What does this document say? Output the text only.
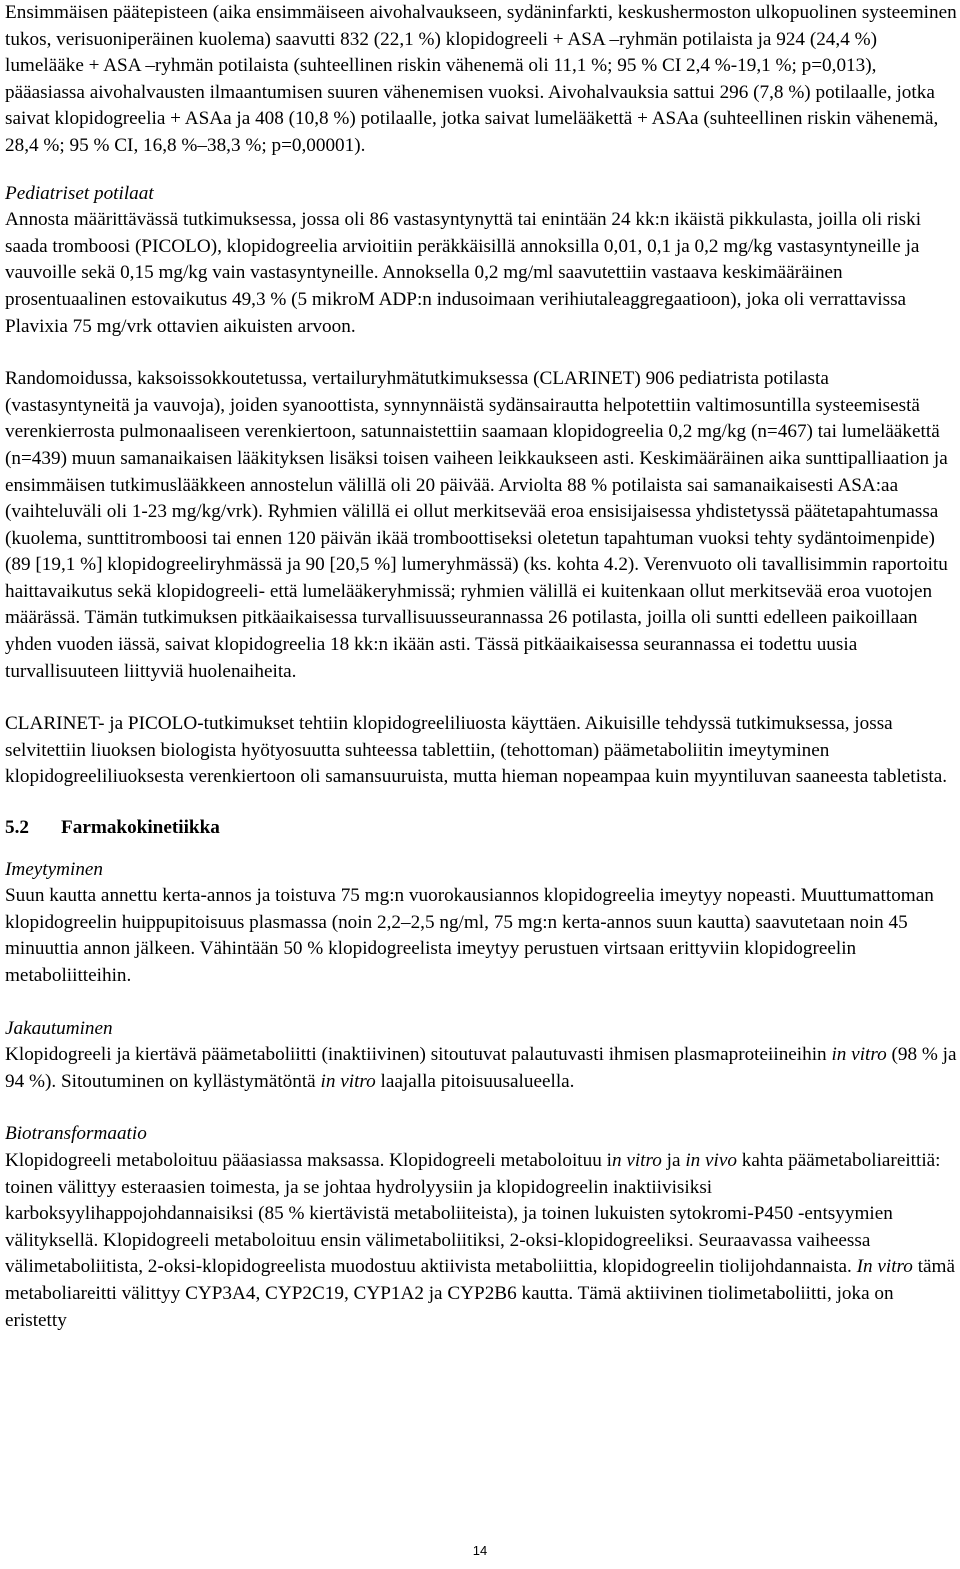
Ensimmäisen päätepisteen (aika ensimmäiseen aivohalvaukseen, sydäninfarkti, keskushermoston ulkopuolinen systeeminen tukos, verisuoniperäinen kuolema) saavutti 832 (22,1 %) klopidogreeli + ASA –ryhmän potilaista ja 924 (24,4 %) lumelääke + ASA –ryhmän potilaista (suhteellinen riskin vähenemä oli 11,1 %; 95 % CI 2,4 %-19,1 %; p=0,013), pääasiassa aivohalvausten ilmaantumisen suuren vähenemisen vuoksi. Aivohalvauksia sattui 296 (7,8 %) potilaalle, jotka saivat klopidogreelia + ASAa ja 408 (10,8 %) potilaalle, jotka saivat lumelääkettä + ASAa (suhteellinen riskin vähenemä, 28,4 %; 95 % CI, 16,8 %–38,3 %; p=0,00001).

Pediatriset potilaat

Annosta määrittävässä tutkimuksessa, jossa oli 86 vastasyntynyttä tai enintään 24 kk:n ikäistä pikkulasta, joilla oli riski saada tromboosi (PICOLO), klopidogreelia arvioitiin peräkkäisillä annoksilla 0,01, 0,1 ja 0,2 mg/kg vastasyntyneille ja vauvoille sekä 0,15 mg/kg vain vastasyntyneille. Annoksella 0,2 mg/ml saavutettiin vastaava keskimääräinen prosentuaalinen estovaikutus 49,3 % (5 mikroM ADP:n indusoimaan verihiutaleaggregaatioon), joka oli verrattavissa Plavixia 75 mg/vrk ottavien aikuisten arvoon.

Randomoidussa, kaksoissokkoutetussa, vertailuryhmätutkimuksessa (CLARINET) 906 pediatrista potilasta (vastasyntyneitä ja vauvoja), joiden syanoottista, synnynnäistä sydänsairautta helpotettiin valtimosuntilla systeemisestä verenkierrosta pulmonaaliseen verenkiertoon, satunnaistettiin saamaan klopidogreelia 0,2 mg/kg (n=467) tai lumelääkettä (n=439) muun samanaikaisen lääkityksen lisäksi toisen vaiheen leikkaukseen asti. Keskimääräinen aika sunttipalliaation ja ensimmäisen tutkimuslääkkeen annostelun välillä oli 20 päivää. Arviolta 88 % potilaista sai samanaikaisesti ASA:aa (vaihteluväli oli 1-23 mg/kg/vrk). Ryhmien välillä ei ollut merkitsevää eroa ensisijaisessa yhdistetyssä päätetapahtumassa (kuolema, sunttitromboosi tai ennen 120 päivän ikää tromboottiseksi oletetun tapahtuman vuoksi tehty sydäntoimenpide) (89 [19,1 %] klopidogreeliryhmässä ja 90 [20,5 %] lumeryhmässä) (ks. kohta 4.2). Verenvuoto oli tavallisimmin raportoitu haittavaikutus sekä klopidogreeli- että lumelääkeryhmissä; ryhmien välillä ei kuitenkaan ollut merkitsevää eroa vuotojen määrässä. Tämän tutkimuksen pitkäaikaisessa turvallisuusseurannassa 26 potilasta, joilla oli suntti edelleen paikoillaan yhden vuoden iässä, saivat klopidogreelia 18 kk:n ikään asti. Tässä pitkäaikaisessa seurannassa ei todettu uusia turvallisuuteen liittyviä huolenaiheita.

CLARINET- ja PICOLO-tutkimukset tehtiin klopidogreeliliuosta käyttäen. Aikuisille tehdyssä tutkimuksessa, jossa selvitettiin liuoksen biologista hyötyosuutta suhteessa tablettiin, (tehottoman) päämetaboliitin imeytyminen klopidogreeliliuoksesta verenkiertoon oli samansuuruista, mutta hieman nopeampaa kuin myyntiluvan saaneesta tabletista.

5.2 Farmakokinetiikka

Imeytyminen

Suun kautta annettu kerta-annos ja toistuva 75 mg:n vuorokausiannos klopidogreelia imeytyy nopeasti. Muuttumattoman klopidogreelin huippupitoisuus plasmassa (noin 2,2–2,5 ng/ml, 75 mg:n kerta-annos suun kautta) saavutetaan noin 45 minuuttia annon jälkeen. Vähintään 50 % klopidogreelista imeytyy perustuen virtsaan erittyviin klopidogreelin metaboliitteihin.

Jakautuminen

Klopidogreeli ja kiertävä päämetaboliitti (inaktiivinen) sitoutuvat palautuvasti ihmisen plasmaproteiineihin in vitro (98 % ja 94 %). Sitoutuminen on kyllästymätöntä in vitro laajalla pitoisuusalueella.

Biotransformaatio

Klopidogreeli metaboloituu pääasiassa maksassa. Klopidogreeli metaboloituu in vitro ja in vivo kahta päämetaboliareittiä: toinen välittyy esteraasien toimesta, ja se johtaa hydrolyysiin ja klopidogreelin inaktiivisiksi karboksyylihappojohdannaisiksi (85 % kiertävistä metaboliiteista), ja toinen lukuisten sytokromi-P450 -entsyymien välityksellä. Klopidogreeli metaboloituu ensin välimetaboliitiksi, 2-oksi-klopidogreeliksi. Seuraavassa vaiheessa välimetaboliitista, 2-oksi-klopidogreelista muodostuu aktiivista metaboliittia, klopidogreelin tiolijohdannaista. In vitro tämä metaboliareitti välittyy CYP3A4, CYP2C19, CYP1A2 ja CYP2B6 kautta. Tämä aktiivinen tiolimetaboliitti, joka on eristetty

14
